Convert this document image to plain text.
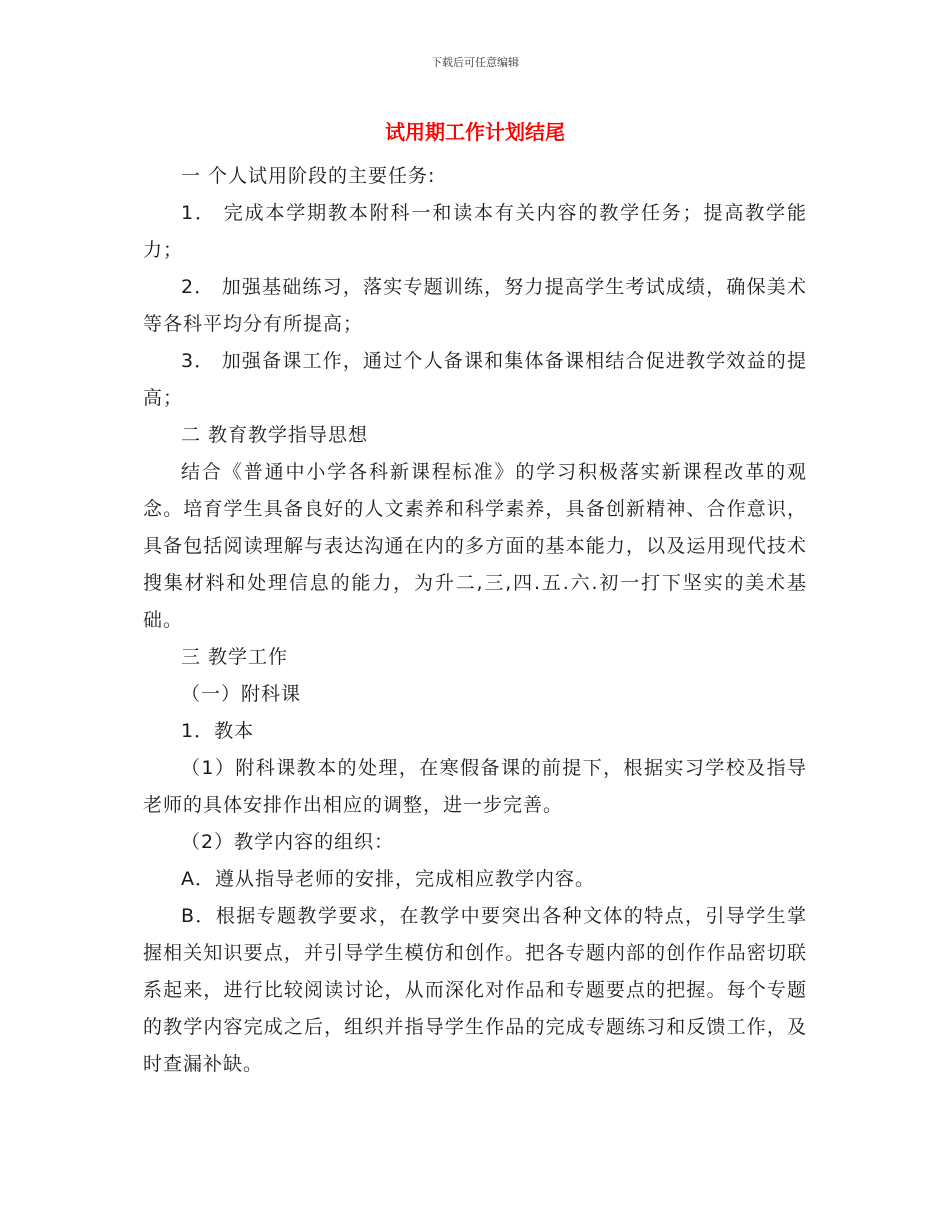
下载后可任意编辑
试用期工作计划结尾

一 个人试用阶段的主要任务:

1． 完成本学期教本附科一和读本有关内容的教学任务；提高教学能力；

2． 加强基础练习，落实专题训练，努力提高学生考试成绩，确保美术等各科平均分有所提高；

3． 加强备课工作，通过个人备课和集体备课相结合促进教学效益的提高；

二 教育教学指导思想

结合《普通中小学各科新课程标准》的学习积极落实新课程改革的观念。培育学生具备良好的人文素养和科学素养，具备创新精神、合作意识，具备包括阅读理解与表达沟通在内的多方面的基本能力，以及运用现代技术搜集材料和处理信息的能力，为升二,三,四.五.六.初一打下坚实的美术基础。

三 教学工作

（一）附科课

1．教本

（1）附科课教本的处理，在寒假备课的前提下，根据实习学校及指导老师的具体安排作出相应的调整，进一步完善。

（2）教学内容的组织：

A．遵从指导老师的安排，完成相应教学内容。

B．根据专题教学要求，在教学中要突出各种文体的特点，引导学生掌握相关知识要点，并引导学生模仿和创作。把各专题内部的创作作品密切联系起来，进行比较阅读讨论，从而深化对作品和专题要点的把握。每个专题的教学内容完成之后，组织并指导学生作品的完成专题练习和反馈工作，及时查漏补缺。
